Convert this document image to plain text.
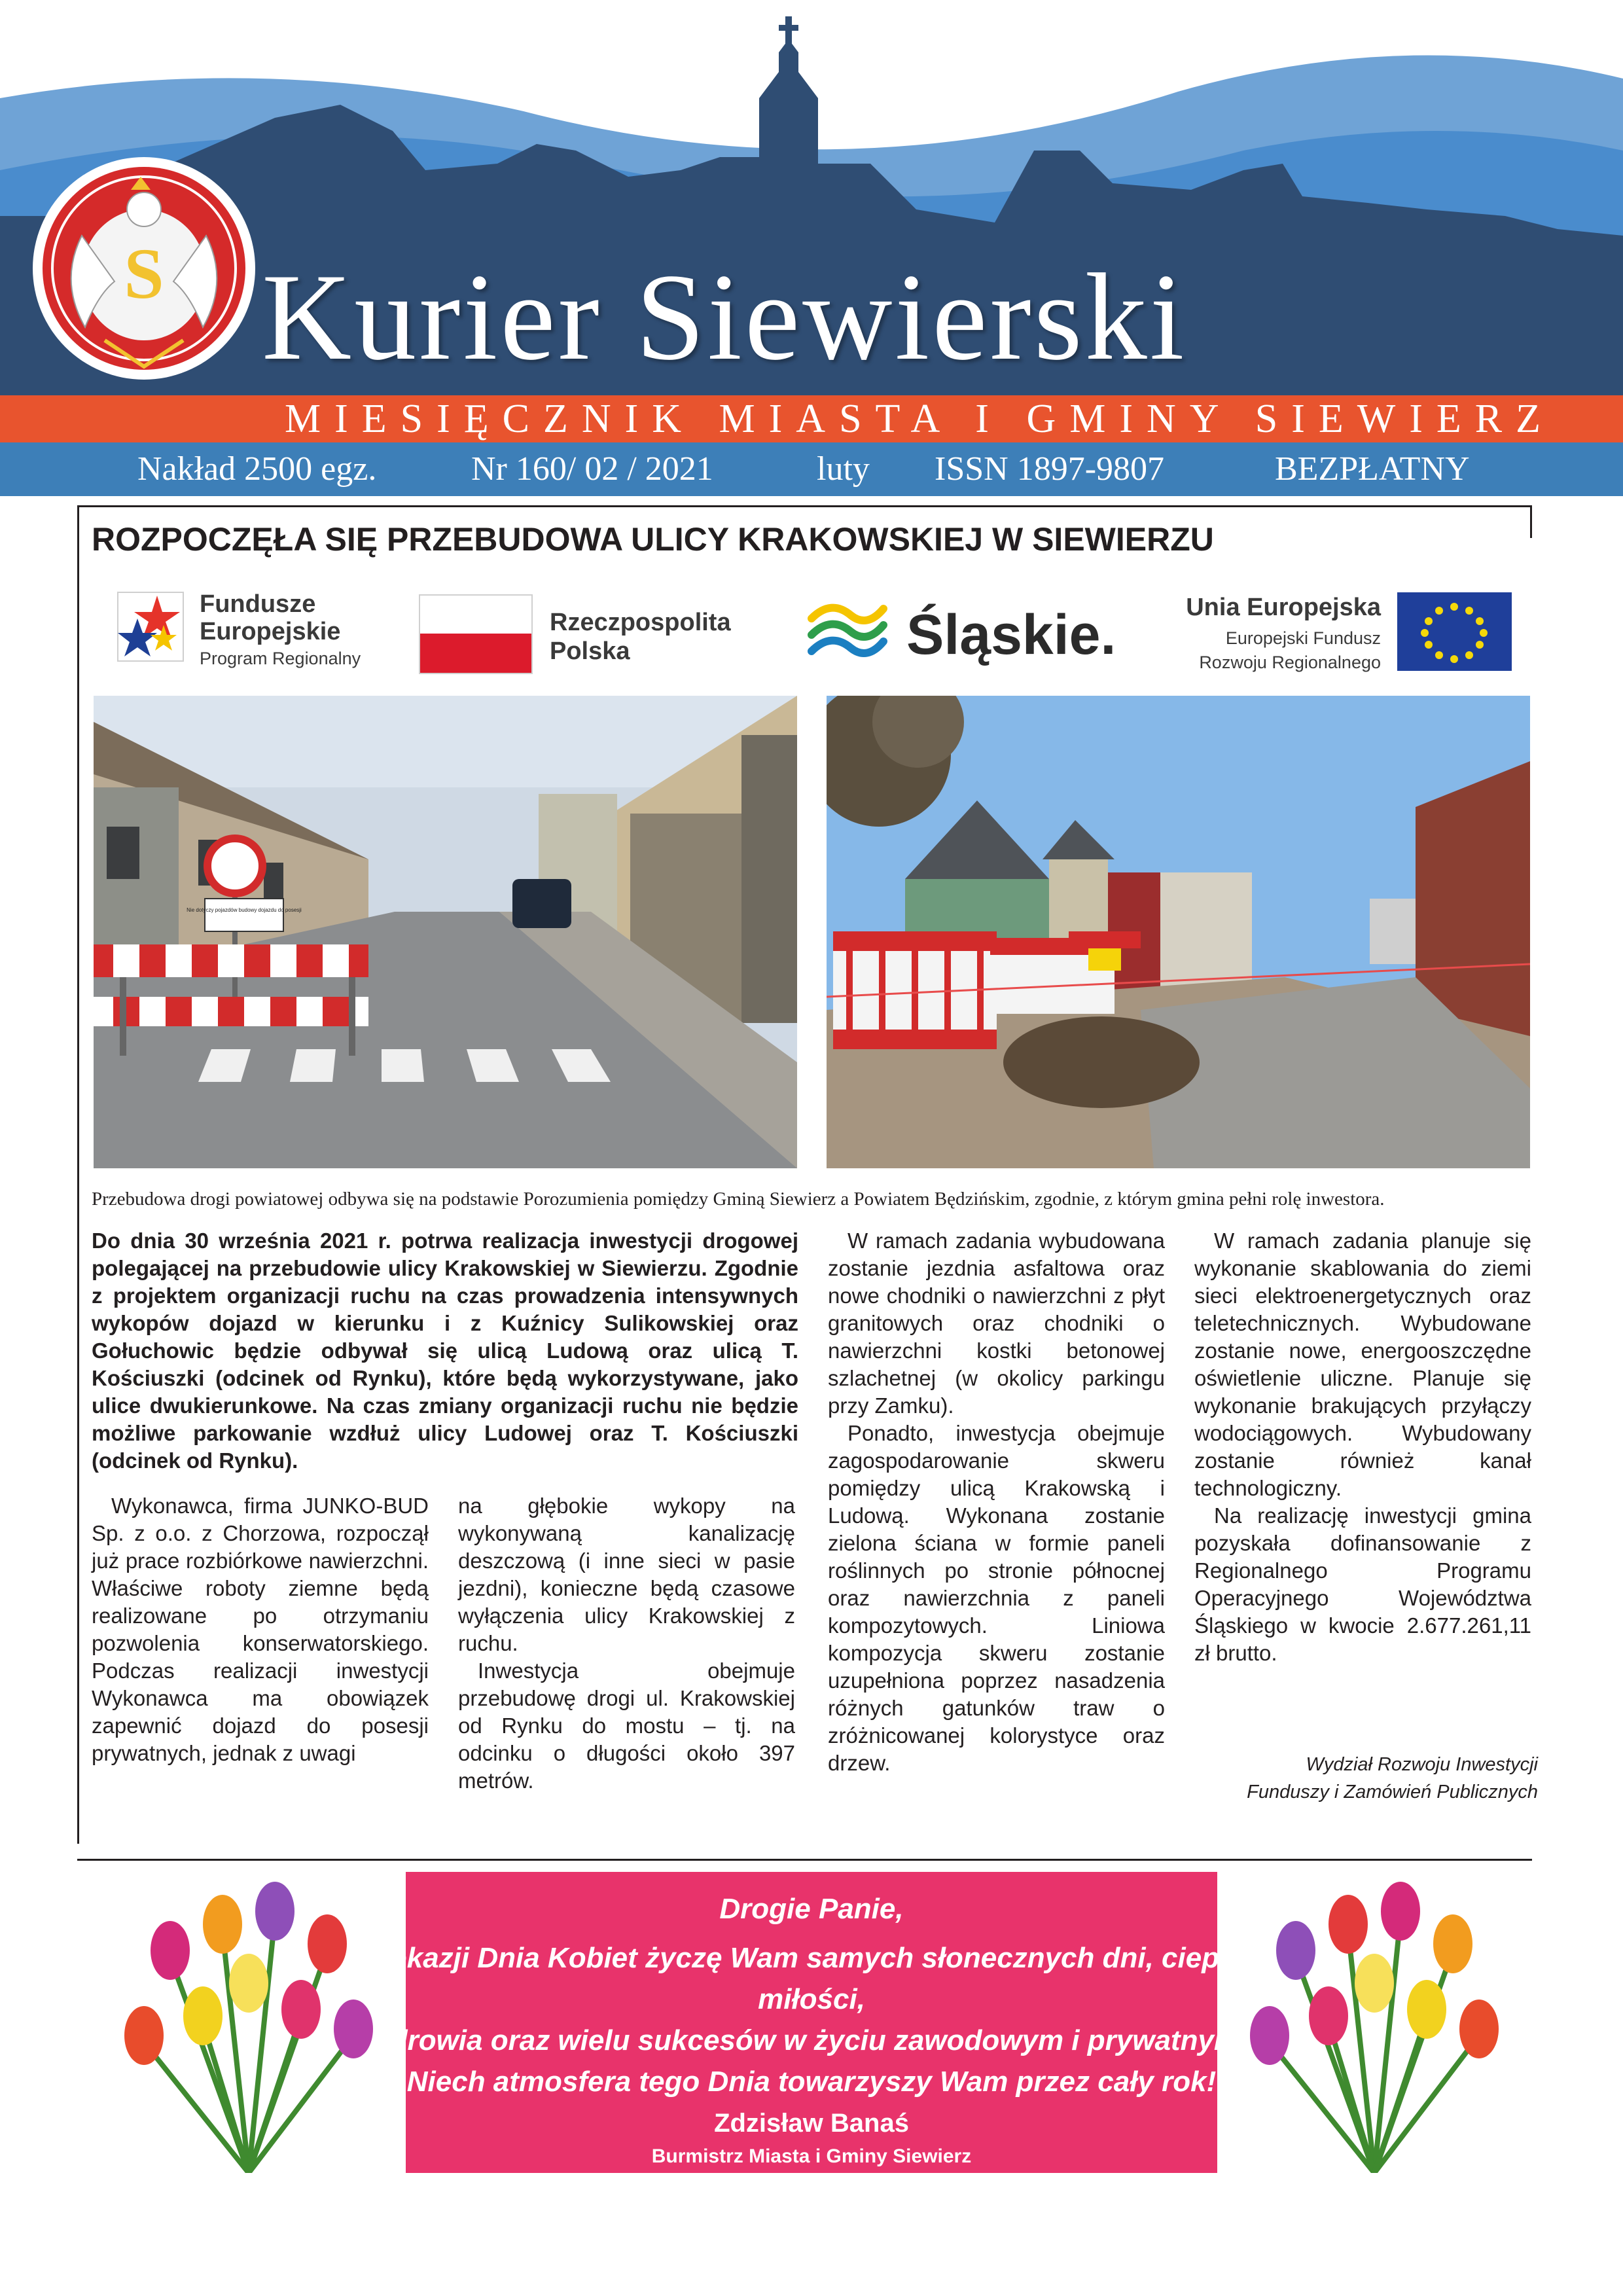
S Kurier Siewierski
MIESIĘCZNIK MIASTA I GMINY SIEWIERZ
Nakład 2500 egz.	Nr 160/ 02 / 2021	luty ISSN 1897-9807	BEZPŁATNY
ROZPOCZĘŁA SIĘ PRZEBUDOWA ULICY KRAKOWSKIEJ W SIEWIERZU
Fundusze
Europejskie
Program Regionalny
Rzeczpospolita
Polska	Śląskie.	Unia Europejska
Europejski Fundusz
Rozwoju Regionalnego
Nie dotyczy pojazdów budowy dojazdu do posesji
Przebudowa drogi powiatowej odbywa się na podstawie Porozumienia pomiędzy Gminą Siewierz a Powiatem Będzińskim, zgodnie, z którym gmina pełni rolę inwestora.
Do dnia 30 września 2021 r. potrwa realizacja inwestycji drogowej polegającej na przebudowie ulicy Krakowskiej w Siewierzu. Zgodnie z projektem organizacji ruchu na czas prowadzenia intensywnych wykopów dojazd w kierunku i z Kuźnicy Sulikowskiej oraz Gołuchowic będzie odbywał się ulicą Ludową oraz ulicą T. Kościuszki (odcinek od Rynku), które będą wykorzystywane, jako ulice dwukierunkowe. Na czas zmiany organizacji ruchu nie będzie możliwe parkowanie wzdłuż ulicy Ludowej oraz T. Kościuszki (odcinek od Rynku).

Wykonawca, firma JUNKO-BUD Sp. z o.o. z Chorzowa, rozpoczął już prace rozbiórkowe nawierzchni. Właściwe roboty ziemne będą realizowane po otrzymaniu pozwolenia konserwatorskiego. Podczas realizacji inwestycji Wykonawca ma obowiązek zapewnić dojazd do posesji prywatnych, jednak z uwagi

na głębokie wykopy na wykonywaną kanalizację deszczową (i inne sieci w pasie jezdni), konieczne będą czasowe wyłączenia ulicy Krakowskiej z ruchu.

Inwestycja obejmuje przebudowę drogi ul. Krakowskiej od Rynku do mostu – tj. na odcinku o długości około 397 metrów.

W ramach zadania wybudowana zostanie jezdnia asfaltowa oraz nowe chodniki o nawierzchni z płyt granitowych oraz chodniki o nawierzchni kostki betonowej szlachetnej (w okolicy parkingu przy Zamku).

Ponadto, inwestycja obejmuje zagospodarowanie skweru pomiędzy ulicą Krakowską i Ludową. Wykonana zostanie zielona ściana w formie paneli roślinnych po stronie północnej oraz nawierzchnia z paneli kompozytowych. Liniowa kompozycja skweru zostanie uzupełniona poprzez nasadzenia różnych gatunków traw o zróżnicowanej kolorystyce oraz drzew.

W ramach zadania planuje się wykonanie skablowania do ziemi sieci elektroenergetycznych oraz teletechnicznych. Wybudowane zostanie nowe, energooszczędne oświetlenie uliczne. Planuje się wykonanie brakujących przyłączy wodociągowych. Wybudowany zostanie również kanał technologiczny.

Na realizację inwestycji gmina pozyskała dofinansowanie z Regionalnego Programu Operacyjnego Województwa Śląskiego w kwocie 2.677.261,11 zł brutto.

Wydział Rozwoju Inwestycji
Funduszy i Zamówień Publicznych
Drogie Panie,
Z okazji Dnia Kobiet życzę Wam samych słonecznych dni, ciepła i miłości,
zdrowia oraz wielu sukcesów w życiu zawodowym i prywatnym.
Niech atmosfera tego Dnia towarzyszy Wam przez cały rok!
Zdzisław Banaś
Burmistrz Miasta i Gminy Siewierz
